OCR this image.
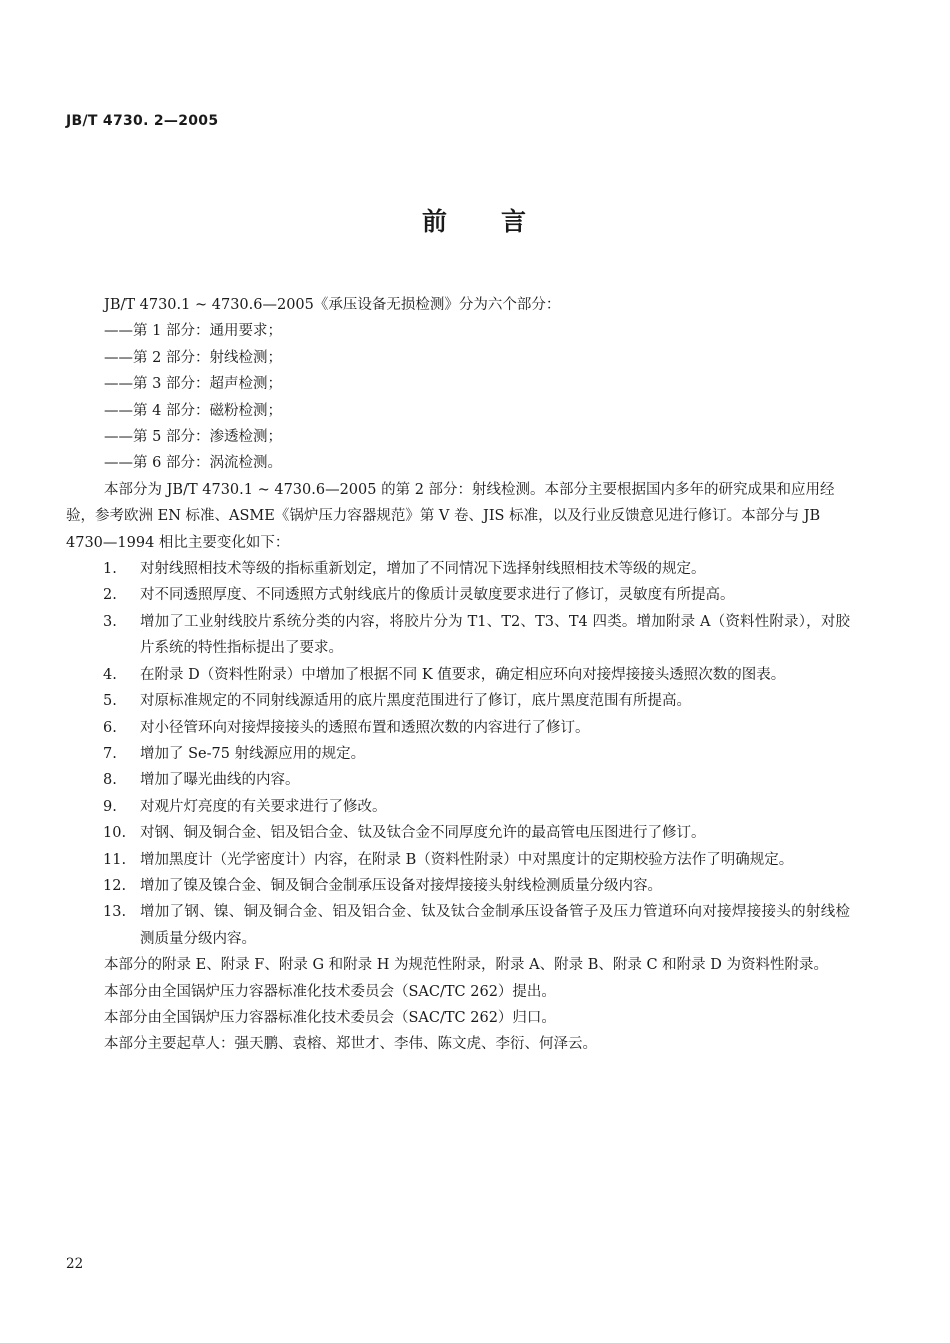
JB/T 4730. 2—2005
前 言

JB/T 4730.1 ~ 4730.6—2005《承压设备无损检测》分为六个部分：

——第 1 部分：通用要求；
——第 2 部分：射线检测；
——第 3 部分：超声检测；
——第 4 部分：磁粉检测；
——第 5 部分：渗透检测；
——第 6 部分：涡流检测。

本部分为 JB/T 4730.1 ~ 4730.6—2005 的第 2 部分：射线检测。本部分主要根据国内多年的研究成果和应用经验，参考欧洲 EN 标准、ASME《锅炉压力容器规范》第 V 卷、JIS 标准，以及行业反馈意见进行修订。本部分与 JB 4730—1994 相比主要变化如下：

1.	对射线照相技术等级的指标重新划定，增加了不同情况下选择射线照相技术等级的规定。
2.	对不同透照厚度、不同透照方式射线底片的像质计灵敏度要求进行了修订，灵敏度有所提高。
3.	增加了工业射线胶片系统分类的内容，将胶片分为 T1、T2、T3、T4 四类。增加附录 A（资料性附录），对胶片系统的特性指标提出了要求。
4.	在附录 D（资料性附录）中增加了根据不同 K 值要求，确定相应环向对接焊接接头透照次数的图表。
5.	对原标准规定的不同射线源适用的底片黑度范围进行了修订，底片黑度范围有所提高。
6.	对小径管环向对接焊接接头的透照布置和透照次数的内容进行了修订。
7.	增加了 Se-75 射线源应用的规定。
8.	增加了曝光曲线的内容。
9.	对观片灯亮度的有关要求进行了修改。
10. 对钢、铜及铜合金、铝及铝合金、钛及钛合金不同厚度允许的最高管电压图进行了修订。
11. 增加黑度计（光学密度计）内容，在附录 B（资料性附录）中对黑度计的定期校验方法作了明确规定。
12. 增加了镍及镍合金、铜及铜合金制承压设备对接焊接接头射线检测质量分级内容。
13. 增加了钢、镍、铜及铜合金、铝及铝合金、钛及钛合金制承压设备管子及压力管道环向对接焊接接头的射线检测质量分级内容。

本部分的附录 E、附录 F、附录 G 和附录 H 为规范性附录，附录 A、附录 B、附录 C 和附录 D 为资料性附录。

本部分由全国锅炉压力容器标准化技术委员会（SAC/TC 262）提出。

本部分由全国锅炉压力容器标准化技术委员会（SAC/TC 262）归口。

本部分主要起草人：强天鹏、袁榕、郑世才、李伟、陈文虎、李衍、何泽云。

22
